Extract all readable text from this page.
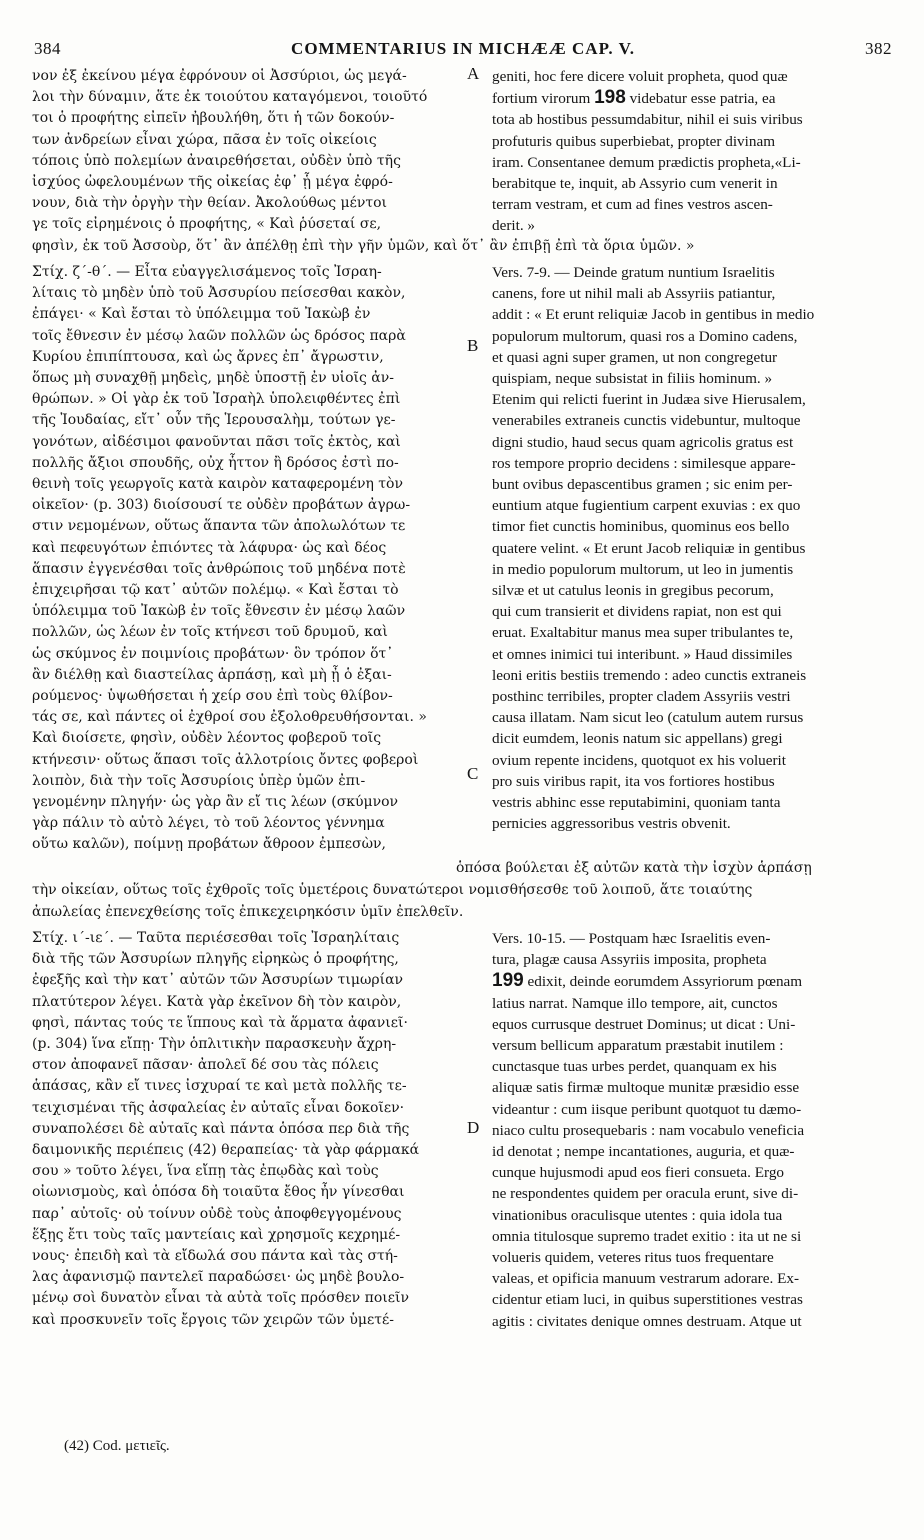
384	COMMENTARIUS IN MICHÆÆ CAP. V.	382
A
B
C
D
νον ἐξ ἐκείνου μέγα ἐφρόνουν οἱ Ἀσσύριοι, ὡς μεγά-
λοι τὴν δύναμιν, ἅτε ἐκ τοιούτου καταγόμενοι, τοιοῦτό
τοι ὁ προφήτης εἰπεῖν ἠβουλήθη, ὅτι ἡ τῶν δοκούν-
των ἀνδρείων εἶναι χώρα, πᾶσα ἐν τοῖς οἰκείοις
τόποις ὑπὸ πολεμίων ἀναιρεθήσεται, οὐδὲν ὑπὸ τῆς
ἰσχύος ὠφελουμένων τῆς οἰκείας ἐφ᾽ ᾗ μέγα ἐφρό-
νουν, διὰ τὴν ὀργὴν τὴν θείαν. Ἀκολούθως μέντοι
γε τοῖς εἰρημένοις ὁ προφήτης, « Καὶ ῥύσεταί σε,
geniti, hoc fere dicere voluit propheta, quod quæ
fortium virorum 198 videbatur esse patria, ea
tota ab hostibus pessumdabitur, nihil ei suis viribus
profuturis quibus superbiebat, propter divinam
iram. Consentanee demum prædictis propheta,«Li-
berabitque te, inquit, ab Assyrio cum venerit in
terram vestram, et cum ad fines vestros ascen-
derit. »
φησὶν, ἐκ τοῦ Ἀσσοὺρ, ὅτ᾽ ἂν ἀπέλθῃ ἐπὶ τὴν γῆν ὑμῶν, καὶ ὅτ᾽ ἂν ἐπιβῇ ἐπὶ τὰ ὅρια ὑμῶν. »
Στίχ. ζ΄-θ΄. — Εἶτα εὐαγγελισάμενος τοῖς Ἰσραη-
λίταις τὸ μηδὲν ὑπὸ τοῦ Ἀσσυρίου πείσεσθαι κακὸν,
ἐπάγει· « Καὶ ἔσται τὸ ὑπόλειμμα τοῦ Ἰακὼβ ἐν
τοῖς ἔθνεσιν ἐν μέσῳ λαῶν πολλῶν ὡς δρόσος παρὰ
Κυρίου ἐπιπίπτουσα, καὶ ὡς ἄρνες ἐπ᾽ ἄγρωστιν,
ὅπως μὴ συναχθῇ μηδεὶς, μηδὲ ὑποστῇ ἐν υἱοῖς ἀν-
θρώπων. » Οἱ γὰρ ἐκ τοῦ Ἰσραὴλ ὑπολειφθέντες ἐπὶ
τῆς Ἰουδαίας, εἴτ᾽ οὖν τῆς Ἱερουσαλὴμ, τούτων γε-
γονότων, αἰδέσιμοι φανοῦνται πᾶσι τοῖς ἐκτὸς, καὶ
πολλῆς ἄξιοι σπουδῆς, οὐχ ἧττον ἢ δρόσος ἐστὶ πο-
θεινὴ τοῖς γεωργοῖς κατὰ καιρὸν καταφερομένη τὸν
οἰκεῖον· (p. 303) διοίσουσί τε οὐδὲν προβάτων ἀγρω-
στιν νεμομένων, οὕτως ἅπαντα τῶν ἀπολωλότων τε
καὶ πεφευγότων ἐπιόντες τὰ λάφυρα· ὡς καὶ δέος
ἅπασιν ἐγγενέσθαι τοῖς ἀνθρώποις τοῦ μηδένα ποτὲ
ἐπιχειρῆσαι τῷ κατ᾽ αὐτῶν πολέμῳ. « Καὶ ἔσται τὸ
ὑπόλειμμα τοῦ Ἰακὼβ ἐν τοῖς ἔθνεσιν ἐν μέσῳ λαῶν
πολλῶν, ὡς λέων ἐν τοῖς κτήνεσι τοῦ δρυμοῦ, καὶ
ὡς σκύμνος ἐν ποιμνίοις προβάτων· ὃν τρόπον ὅτ᾽
ἂν διέλθῃ καὶ διαστείλας ἁρπάσῃ, καὶ μὴ ᾖ ὁ ἐξαι-
ρούμενος· ὑψωθήσεται ἡ χείρ σου ἐπὶ τοὺς θλίβον-
τάς σε, καὶ πάντες οἱ ἐχθροί σου ἐξολοθρευθήσονται. »
Καὶ διοίσετε, φησὶν, οὐδὲν λέοντος φοβεροῦ τοῖς
κτήνεσιν· οὕτως ἅπασι τοῖς ἀλλοτρίοις ὄντες φοβεροὶ
λοιπὸν, διὰ τὴν τοῖς Ἀσσυρίοις ὑπὲρ ὑμῶν ἐπι-
γενομένην πληγήν· ὡς γὰρ ἂν εἴ τις λέων (σκύμνον
γὰρ πάλιν τὸ αὐτὸ λέγει, τὸ τοῦ λέοντος γέννημα
οὕτω καλῶν), ποίμνῃ προβάτων ἄθροον ἐμπεσὼν,
Vers. 7-9. — Deinde gratum nuntium Israelitis
canens, fore ut nihil mali ab Assyriis patiantur,
addit : « Et erunt reliquiæ Jacob in gentibus in medio
populorum multorum, quasi ros a Domino cadens,
et quasi agni super gramen, ut non congregetur
quispiam, neque subsistat in filiis hominum. »
Etenim qui relicti fuerint in Judæa sive Hierusalem,
venerabiles extraneis cunctis videbuntur, multoque
digni studio, haud secus quam agricolis gratus est
ros tempore proprio decidens : similesque appare-
bunt ovibus depascentibus gramen ; sic enim per-
euntium atque fugientium carpent exuvias : ex quo
timor fiet cunctis hominibus, quominus eos bello
quatere velint. « Et erunt Jacob reliquiæ in gentibus
in medio populorum multorum, ut leo in jumentis
silvæ et ut catulus leonis in gregibus pecorum,
qui cum transierit et dividens rapiat, non est qui
eruat. Exaltabitur manus mea super tribulantes te,
et omnes inimici tui interibunt. » Haud dissimiles
leoni eritis bestiis tremendo : adeo cunctis extraneis
posthinc terribiles, propter cladem Assyriis vestri
causa illatam. Nam sicut leo (catulum autem rursus
dicit eumdem, leonis natum sic appellans) gregi
ovium repente incidens, quotquot ex his voluerit
pro suis viribus rapit, ita vos fortiores hostibus
vestris abhinc esse reputabimini, quoniam tanta
pernicies aggressoribus vestris obvenit.
ὁπόσα βούλεται ἐξ αὐτῶν κατὰ τὴν ἰσχὺν ἁρπάσῃ
τὴν οἰκείαν, οὕτως τοῖς ἐχθροῖς τοῖς ὑμετέροις δυνατώτεροι νομισθήσεσθε τοῦ λοιποῦ, ἅτε τοιαύτης
ἀπωλείας ἐπενεχθείσης τοῖς ἐπικεχειρηκόσιν ὑμῖν ἐπελθεῖν.
Στίχ. ι΄-ιε΄. — Ταῦτα περιέσεσθαι τοῖς Ἰσραηλίταις
διὰ τῆς τῶν Ἀσσυρίων πληγῆς εἰρηκὼς ὁ προφήτης,
ἐφεξῆς καὶ τὴν κατ᾽ αὐτῶν τῶν Ἀσσυρίων τιμωρίαν
πλατύτερον λέγει. Κατὰ γὰρ ἐκεῖνον δὴ τὸν καιρὸν,
φησὶ, πάντας τούς τε ἵππους καὶ τὰ ἅρματα ἀφανιεῖ·
(p. 304) ἵνα εἴπῃ· Τὴν ὁπλιτικὴν παρασκευὴν ἄχρη-
στον ἀποφανεῖ πᾶσαν· ἀπολεῖ δέ σου τὰς πόλεις
ἁπάσας, κἂν εἴ τινες ἰσχυραί τε καὶ μετὰ πολλῆς τε-
τειχισμέναι τῆς ἀσφαλείας ἐν αὐταῖς εἶναι δοκοῖεν·
συναπολέσει δὲ αὐταῖς καὶ πάντα ὁπόσα περ διὰ τῆς
δαιμονικῆς περιέπεις (42) θεραπείας· τὰ γὰρ φάρμακά
σου » τοῦτο λέγει, ἵνα εἴπῃ τὰς ἐπῳδὰς καὶ τοὺς
οἰωνισμοὺς, καὶ ὁπόσα δὴ τοιαῦτα ἔθος ἦν γίνεσθαι
παρ᾽ αὐτοῖς· οὐ τοίνυν οὐδὲ τοὺς ἀποφθεγγομένους
ἕξῃς ἔτι τοὺς ταῖς μαντείαις καὶ χρησμοῖς κεχρημέ-
νους· ἐπειδὴ καὶ τὰ εἴδωλά σου πάντα καὶ τὰς στή-
λας ἀφανισμῷ παντελεῖ παραδώσει· ὡς μηδὲ βουλο-
μένῳ σοὶ δυνατὸν εἶναι τὰ αὐτὰ τοῖς πρόσθεν ποιεῖν
καὶ προσκυνεῖν τοῖς ἔργοις τῶν χειρῶν τῶν ὑμετέ-
Vers. 10-15. — Postquam hæc Israelitis even-
tura, plagæ causa Assyriis imposita, propheta
199 edixit, deinde eorumdem Assyriorum pœnam
latius narrat. Namque illo tempore, ait, cunctos
equos currusque destruet Dominus; ut dicat : Uni-
versum bellicum apparatum præstabit inutilem :
cunctasque tuas urbes perdet, quanquam ex his
aliquæ satis firmæ multoque munitæ præsidio esse
videantur : cum iisque peribunt quotquot tu dæmo-
niaco cultu prosequebaris : nam vocabulo veneficia
id denotat ; nempe incantationes, auguria, et quæ-
cunque hujusmodi apud eos fieri consueta. Ergo
ne respondentes quidem per oracula erunt, sive di-
vinationibus oraculisque utentes : quia idola tua
omnia titulosque supremo tradet exitio : ita ut ne si
volueris quidem, veteres ritus tuos frequentare
valeas, et opificia manuum vestrarum adorare. Ex-
cidentur etiam luci, in quibus superstitiones vestras
agitis : civitates denique omnes destruam. Atque ut
(42) Cod. μετιεῖς.
